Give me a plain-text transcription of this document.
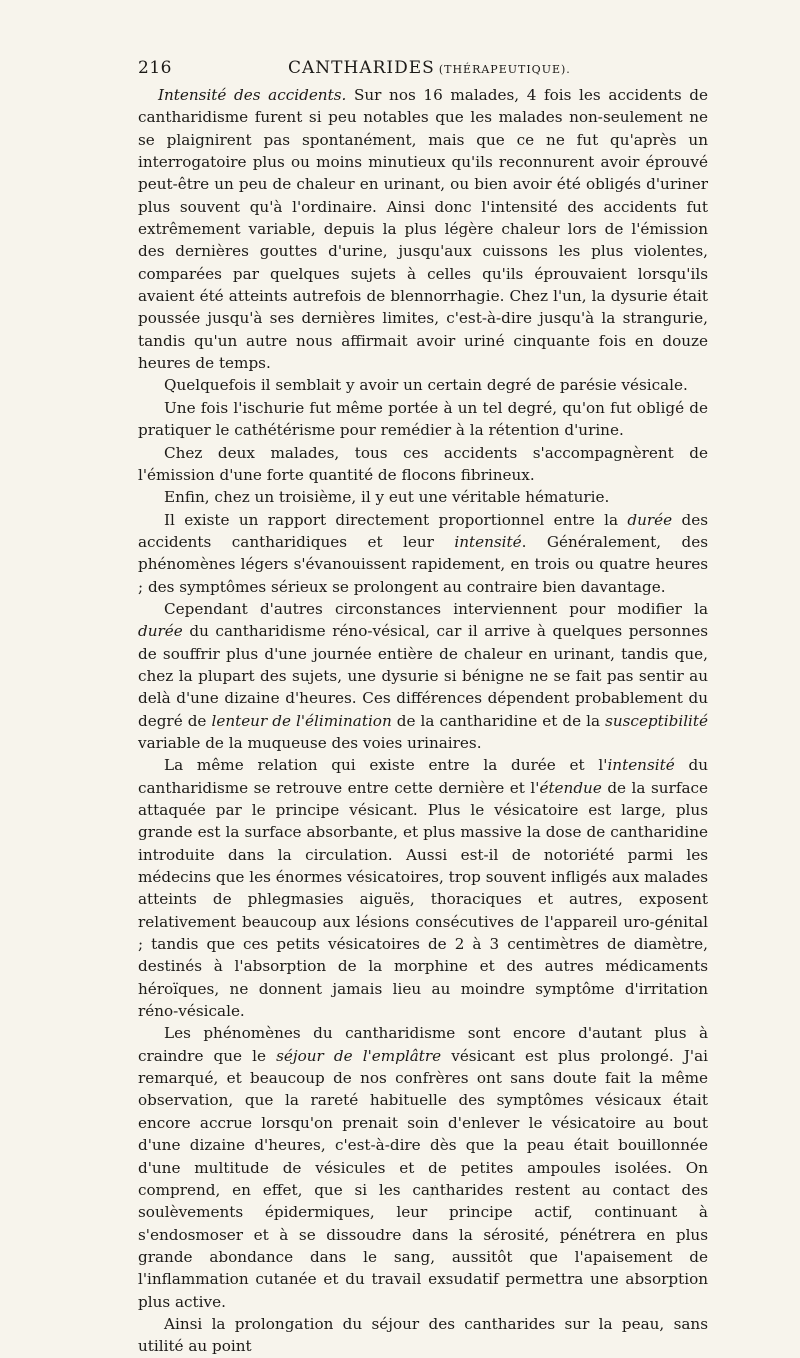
216	CANTHARIDES (THÉRAPEUTIQUE).

Intensité des accidents. Sur nos 16 malades, 4 fois les accidents de cantharidisme furent si peu notables que les malades non-seulement ne se plaignirent pas spontanément, mais que ce ne fut qu'après un interrogatoire plus ou moins minutieux qu'ils reconnurent avoir éprouvé peut-être un peu de chaleur en urinant, ou bien avoir été obligés d'uriner plus souvent qu'à l'ordinaire. Ainsi donc l'intensité des accidents fut extrêmement variable, depuis la plus légère chaleur lors de l'émission des dernières gouttes d'urine, jusqu'aux cuissons les plus violentes, comparées par quelques sujets à celles qu'ils éprouvaient lorsqu'ils avaient été atteints autrefois de blennorrhagie. Chez l'un, la dysurie était poussée jusqu'à ses dernières limites, c'est-à-dire jusqu'à la strangurie, tandis qu'un autre nous affirmait avoir uriné cinquante fois en douze heures de temps.

Quelquefois il semblait y avoir un certain degré de parésie vésicale.

Une fois l'ischurie fut même portée à un tel degré, qu'on fut obligé de pratiquer le cathétérisme pour remédier à la rétention d'urine.

Chez deux malades, tous ces accidents s'accompagnèrent de l'émission d'une forte quantité de flocons fibrineux.

Enfin, chez un troisième, il y eut une véritable hématurie.

Il existe un rapport directement proportionnel entre la durée des accidents cantharidiques et leur intensité. Généralement, des phénomènes légers s'évanouissent rapidement, en trois ou quatre heures ; des symptômes sérieux se prolongent au contraire bien davantage.

Cependant d'autres circonstances interviennent pour modifier la durée du cantharidisme réno-vésical, car il arrive à quelques personnes de souffrir plus d'une journée entière de chaleur en urinant, tandis que, chez la plupart des sujets, une dysurie si bénigne ne se fait pas sentir au delà d'une dizaine d'heures. Ces différences dépendent probablement du degré de lenteur de l'élimination de la cantharidine et de la susceptibilité variable de la muqueuse des voies urinaires.

La même relation qui existe entre la durée et l'intensité du cantharidisme se retrouve entre cette dernière et l'étendue de la surface attaquée par le principe vésicant. Plus le vésicatoire est large, plus grande est la surface absorbante, et plus massive la dose de cantharidine introduite dans la circulation. Aussi est-il de notoriété parmi les médecins que les énormes vésicatoires, trop souvent infligés aux malades atteints de phlegmasies aiguës, thoraciques et autres, exposent relativement beaucoup aux lésions consécutives de l'appareil uro-génital ; tandis que ces petits vésicatoires de 2 à 3 centimètres de diamètre, destinés à l'absorption de la morphine et des autres médicaments héroïques, ne donnent jamais lieu au moindre symptôme d'irritation réno-vésicale.

Les phénomènes du cantharidisme sont encore d'autant plus à craindre que le séjour de l'emplâtre vésicant est plus prolongé. J'ai remarqué, et beaucoup de nos confrères ont sans doute fait la même observation, que la rareté habituelle des symptômes vésicaux était encore accrue lorsqu'on prenait soin d'enlever le vésicatoire au bout d'une dizaine d'heures, c'est-à-dire dès que la peau était bouillonnée d'une multitude de vésicules et de petites ampoules isolées. On comprend, en effet, que si les cantharides restent au contact des soulèvements épidermiques, leur principe actif, continuant à s'endosmoser et à se dissoudre dans la sérosité, pénétrera en plus grande abondance dans le sang, aussitôt que l'apaisement de l'inflammation cutanée et du travail exsudatif permettra une absorption plus active.

Ainsi la prolongation du séjour des cantharides sur la peau, sans utilité au point
